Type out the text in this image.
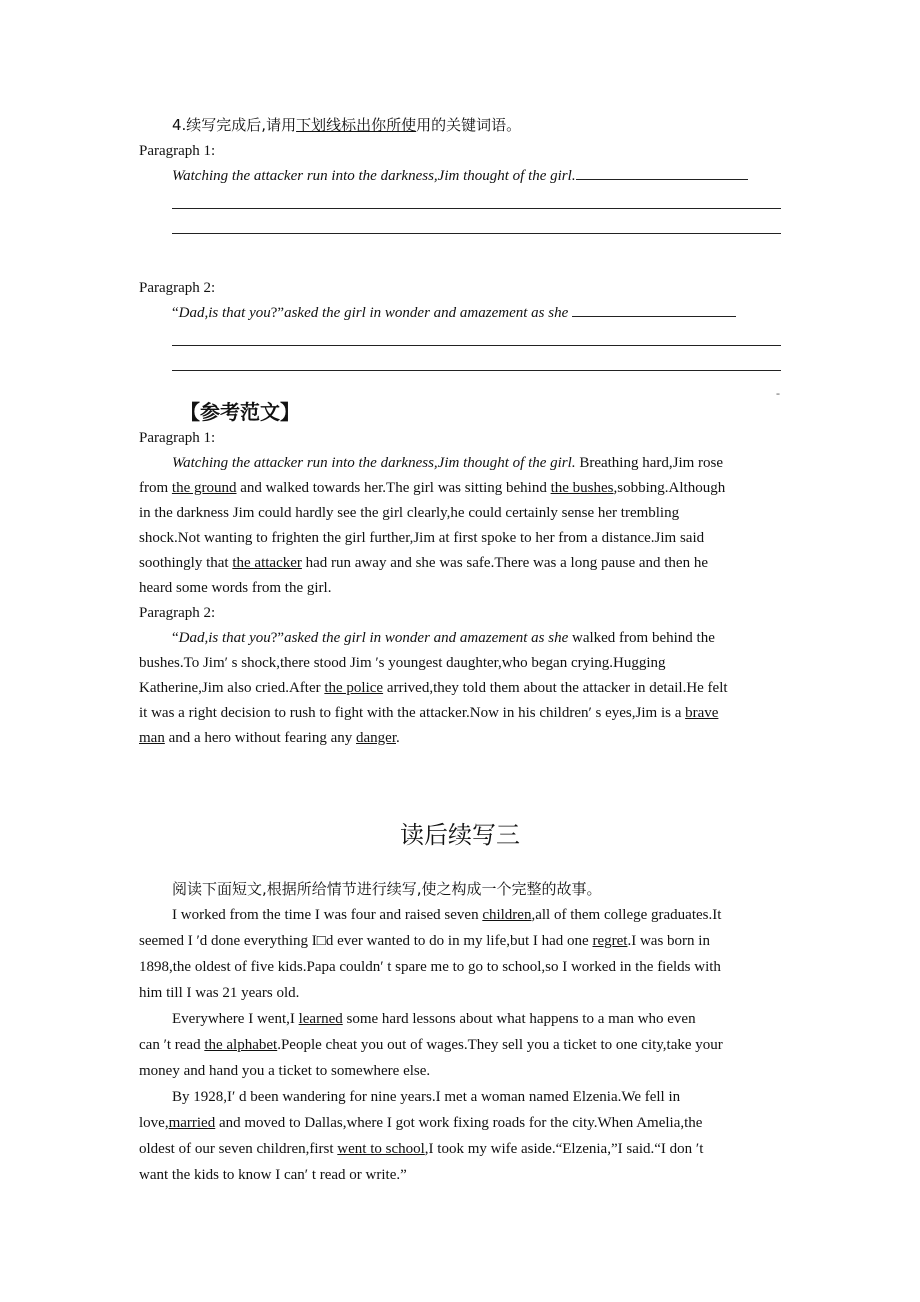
4.续写完成后,请用下划线标出你所使用的关键词语。
Paragraph 1:
Watching the attacker run into the darkness,Jim thought of the girl.
Paragraph 2:
“Dad,is that you?”asked the girl in wonder and amazement as she
-
【参考范文】
Paragraph 1:
Watching the attacker run into the darkness,Jim thought of the girl. Breathing hard,Jim rose
from the ground and walked towards her.The girl was sitting behind the bushes,sobbing.Although
in the darkness Jim could hardly see the girl clearly,he could certainly sense her trembling
shock.Not wanting to frighten the girl further,Jim at first spoke to her from a distance.Jim said
soothingly that the attacker had run away and she was safe.There was a long pause and then he
heard some words from the girl.
Paragraph 2:
“Dad,is that you?”asked the girl in wonder and amazement as she walked from behind the
bushes.To Jim′ s shock,there stood Jim ′s youngest daughter,who began crying.Hugging
Katherine,Jim also cried.After the police arrived,they told them about the attacker in detail.He felt
it was a right decision to rush to fight with the attacker.Now in his children′ s eyes,Jim is a brave
man and a hero without fearing any danger.
读后续写三
阅读下面短文,根据所给情节进行续写,使之构成一个完整的故事。
I worked from the time I was four and raised seven children,all of them college graduates.It
seemed I ′d done everything I□d ever wanted to do in my life,but I had one regret.I was born in
1898,the oldest of five kids.Papa couldn′ t spare me to go to school,so I worked in the fields with
him till I was 21 years old.
Everywhere I went,I learned some hard lessons about what happens to a man who even
can ′t read the alphabet.People cheat you out of wages.They sell you a ticket to one city,take your
money and hand you a ticket to somewhere else.
By 1928,I′ d been wandering for nine years.I met a woman named Elzenia.We fell in
love,married and moved to Dallas,where I got work fixing roads for the city.When Amelia,the
oldest of our seven children,first went to school,I took my wife aside.“Elzenia,”I said.“I don ′t
want the kids to know I can′ t read or write.”
